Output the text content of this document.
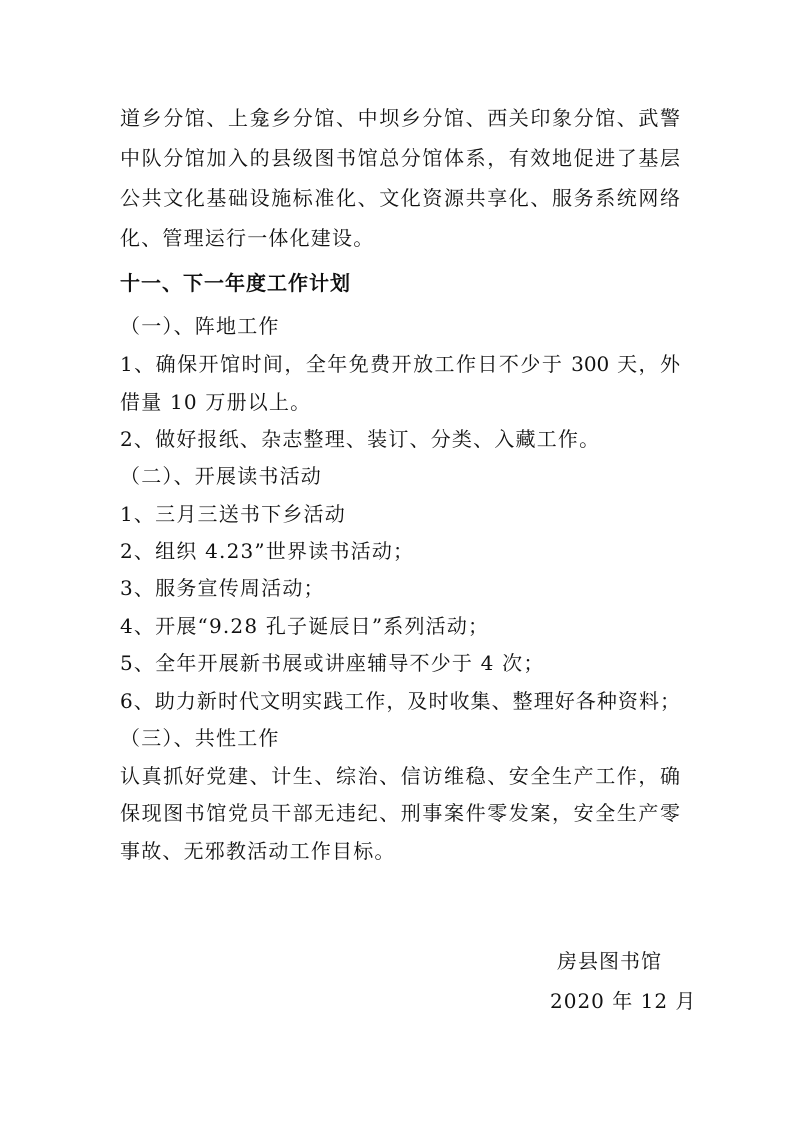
道乡分馆、上龛乡分馆、中坝乡分馆、西关印象分馆、武警
中队分馆加入的县级图书馆总分馆体系，有效地促进了基层
公共文化基础设施标准化、文化资源共享化、服务系统网络
化、管理运行一体化建设。
十一、下一年度工作计划
（一）、阵地工作
1、确保开馆时间，全年免费开放工作日不少于 300 天，外
借量 10 万册以上。
2、做好报纸、杂志整理、装订、分类、入藏工作。
（二）、开展读书活动
1、三月三送书下乡活动
2、组织 4.23”世界读书活动；
3、服务宣传周活动；
4、开展“9.28 孔子诞辰日”系列活动；
5、全年开展新书展或讲座辅导不少于 4 次；
6、助力新时代文明实践工作，及时收集、整理好各种资料；
（三）、共性工作
认真抓好党建、计生、综治、信访维稳、安全生产工作，确
保现图书馆党员干部无违纪、刑事案件零发案，安全生产零
事故、无邪教活动工作目标。
房县图书馆
2020 年 12 月
